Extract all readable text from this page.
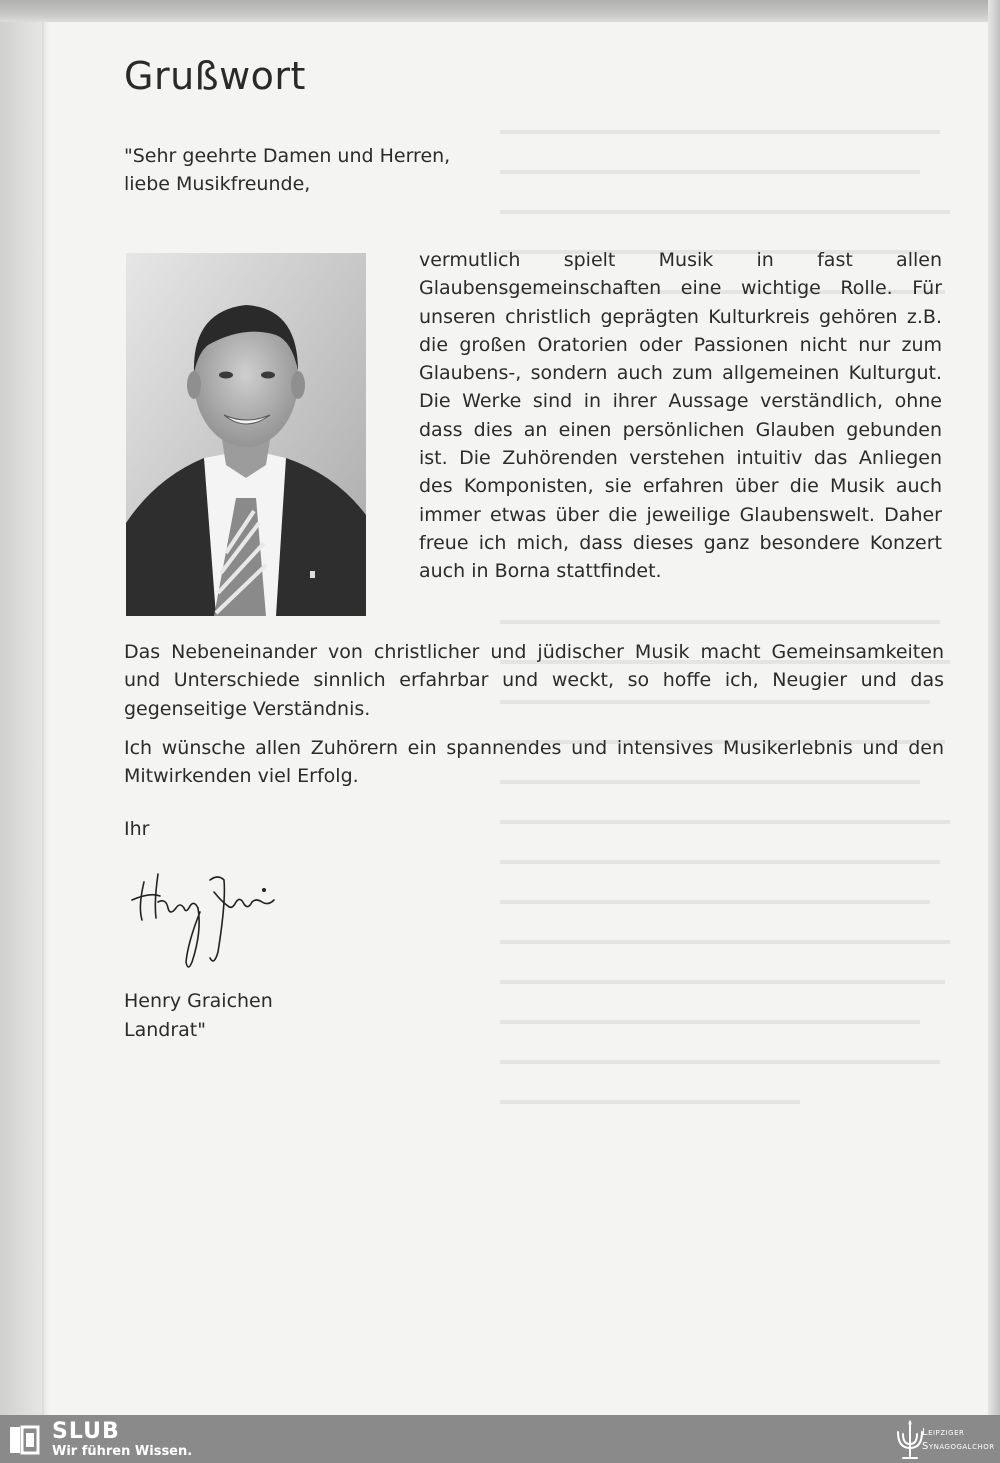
Grußwort
"Sehr geehrte Damen und Herren,
liebe Musikfreunde,

vermutlich spielt Musik in fast allen Glaubensgemeinschaften eine wichtige Rolle. Für unseren christlich geprägten Kulturkreis gehören z.B. die großen Oratorien oder Passionen nicht nur zum Glaubens-, sondern auch zum allgemeinen Kulturgut. Die Werke sind in ihrer Aussage verständlich, ohne dass dies an einen persönlichen Glauben gebunden ist. Die Zuhörenden verstehen intuitiv das Anliegen des Komponisten, sie erfahren über die Musik auch immer etwas über die jeweilige Glaubenswelt. Daher freue ich mich, dass dieses ganz besondere Konzert auch in Borna stattfindet.

Das Nebeneinander von christlicher und jüdischer Musik macht Gemeinsamkeiten und Unterschiede sinnlich erfahrbar und weckt, so hoffe ich, Neugier und das gegenseitige Verständnis.

Ich wünsche allen Zuhörern ein spannendes und intensives Musikerlebnis und den Mitwirkenden viel Erfolg.

Ihr
Henry Graichen
Landrat"
SLUB
Wir führen Wissen.
Leipziger
Synagogalchor
